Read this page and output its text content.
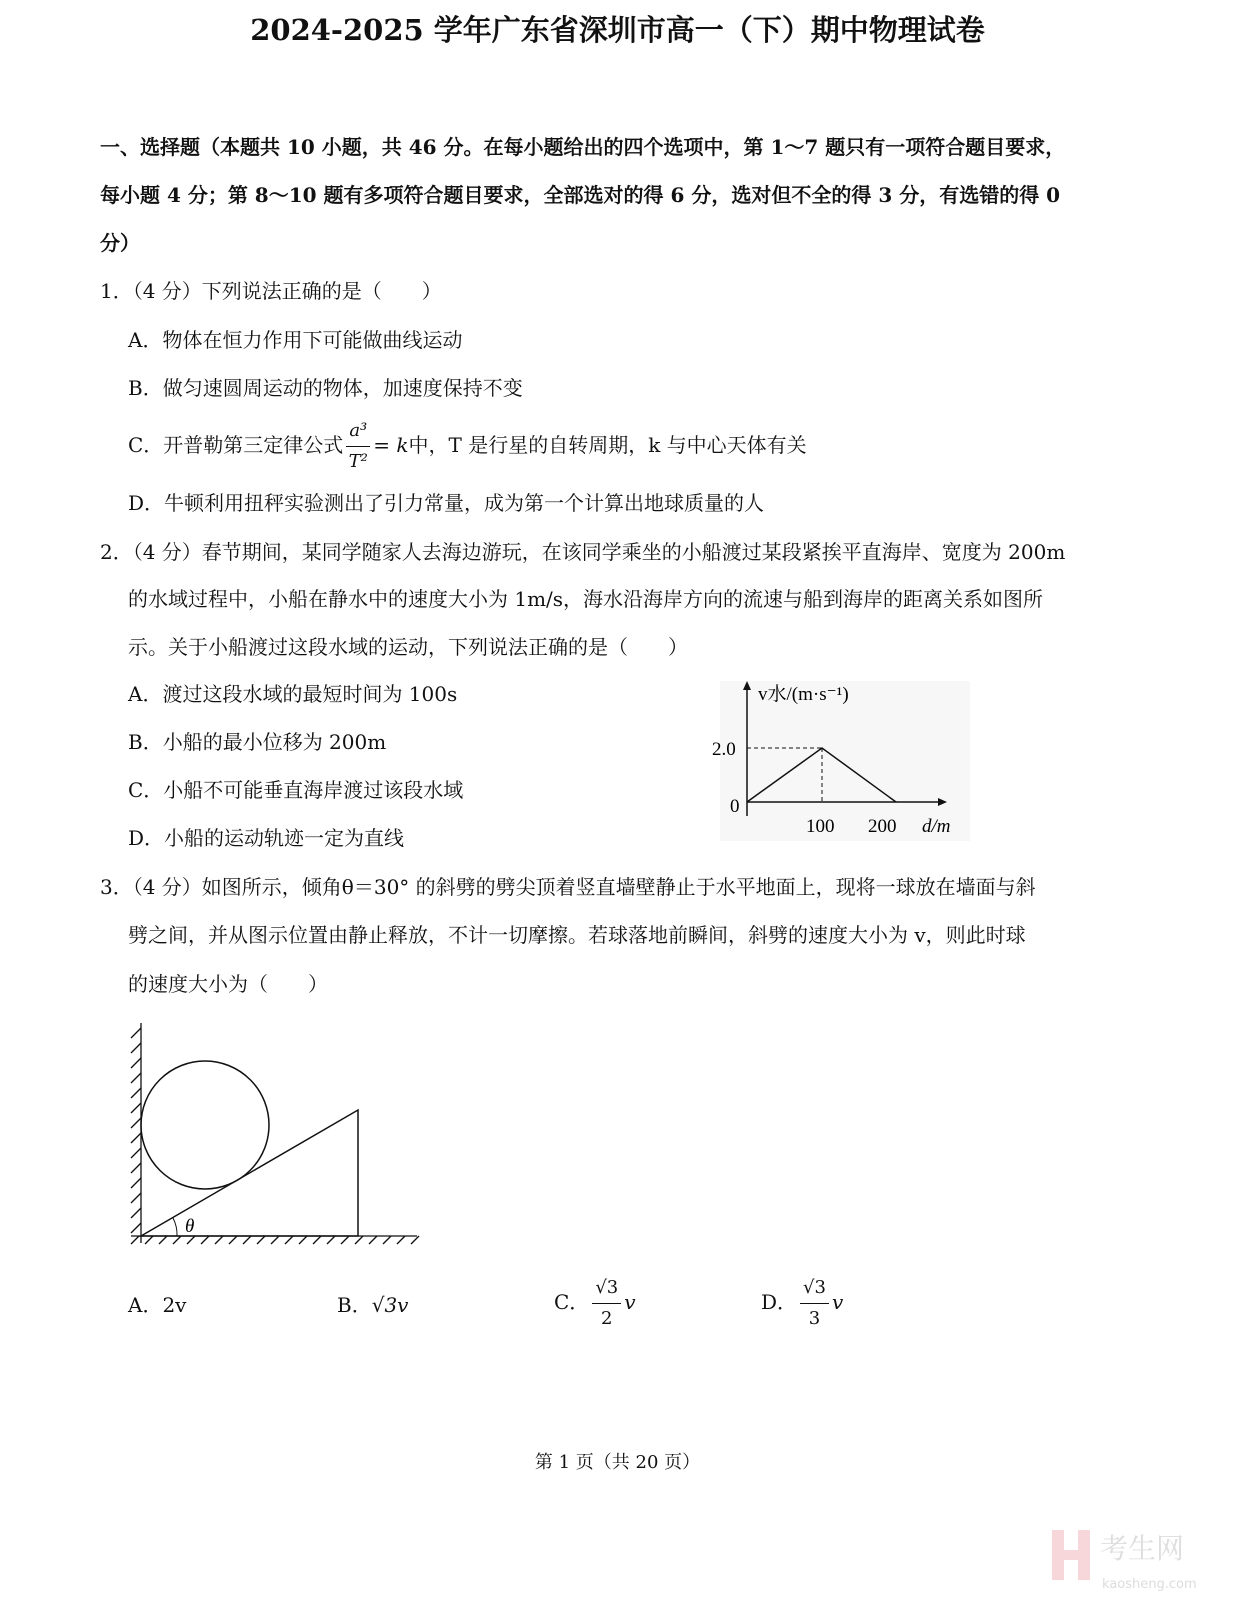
2024-2025 学年广东省深圳市高一（下）期中物理试卷
一、选择题（本题共 10 小题，共 46 分。在每小题给出的四个选项中，第 1～7 题只有一项符合题目要求，
每小题 4 分；第 8～10 题有多项符合题目要求，全部选对的得 6 分，选对但不全的得 3 分，有选错的得 0
分）
1．（4 分）下列说法正确的是（　　）
A．物体在恒力作用下可能做曲线运动
B．做匀速圆周运动的物体，加速度保持不变
C．开普勒第三定律公式 $\frac{\text{a³}}{\text{T²}} = k$中，T 是行星的自转周期，k 与中心天体有关
D．牛顿利用扭秤实验测出了引力常量，成为第一个计算出地球质量的人
2．（4 分）春节期间，某同学随家人去海边游玩，在该同学乘坐的小船渡过某段紧挨平直海岸、宽度为 200m
的水域过程中，小船在静水中的速度大小为 1m/s，海水沿海岸方向的流速与船到海岸的距离关系如图所
示。关于小船渡过这段水域的运动，下列说法正确的是（　　）
A．渡过这段水域的最短时间为 100s
B．小船的最小位移为 200m
C．小船不可能垂直海岸渡过该段水域
D．小船的运动轨迹一定为直线
v水/(m·s⁻¹)
2.0
0
100 200 d/m
3．（4 分）如图所示，倾角θ＝30° 的斜劈的劈尖顶着竖直墙壁静止于水平地面上，现将一球放在墙面与斜
劈之间，并从图示位置由静止释放，不计一切摩擦。若球落地前瞬间，斜劈的速度大小为 v，则此时球
的速度大小为（　　）
θ
A．2v	B．√3v	C． $\frac{√3}{2}$ v	D． $\frac{√3}{3}$ v
第 1 页（共 20 页）
考生网
kaosheng.com
